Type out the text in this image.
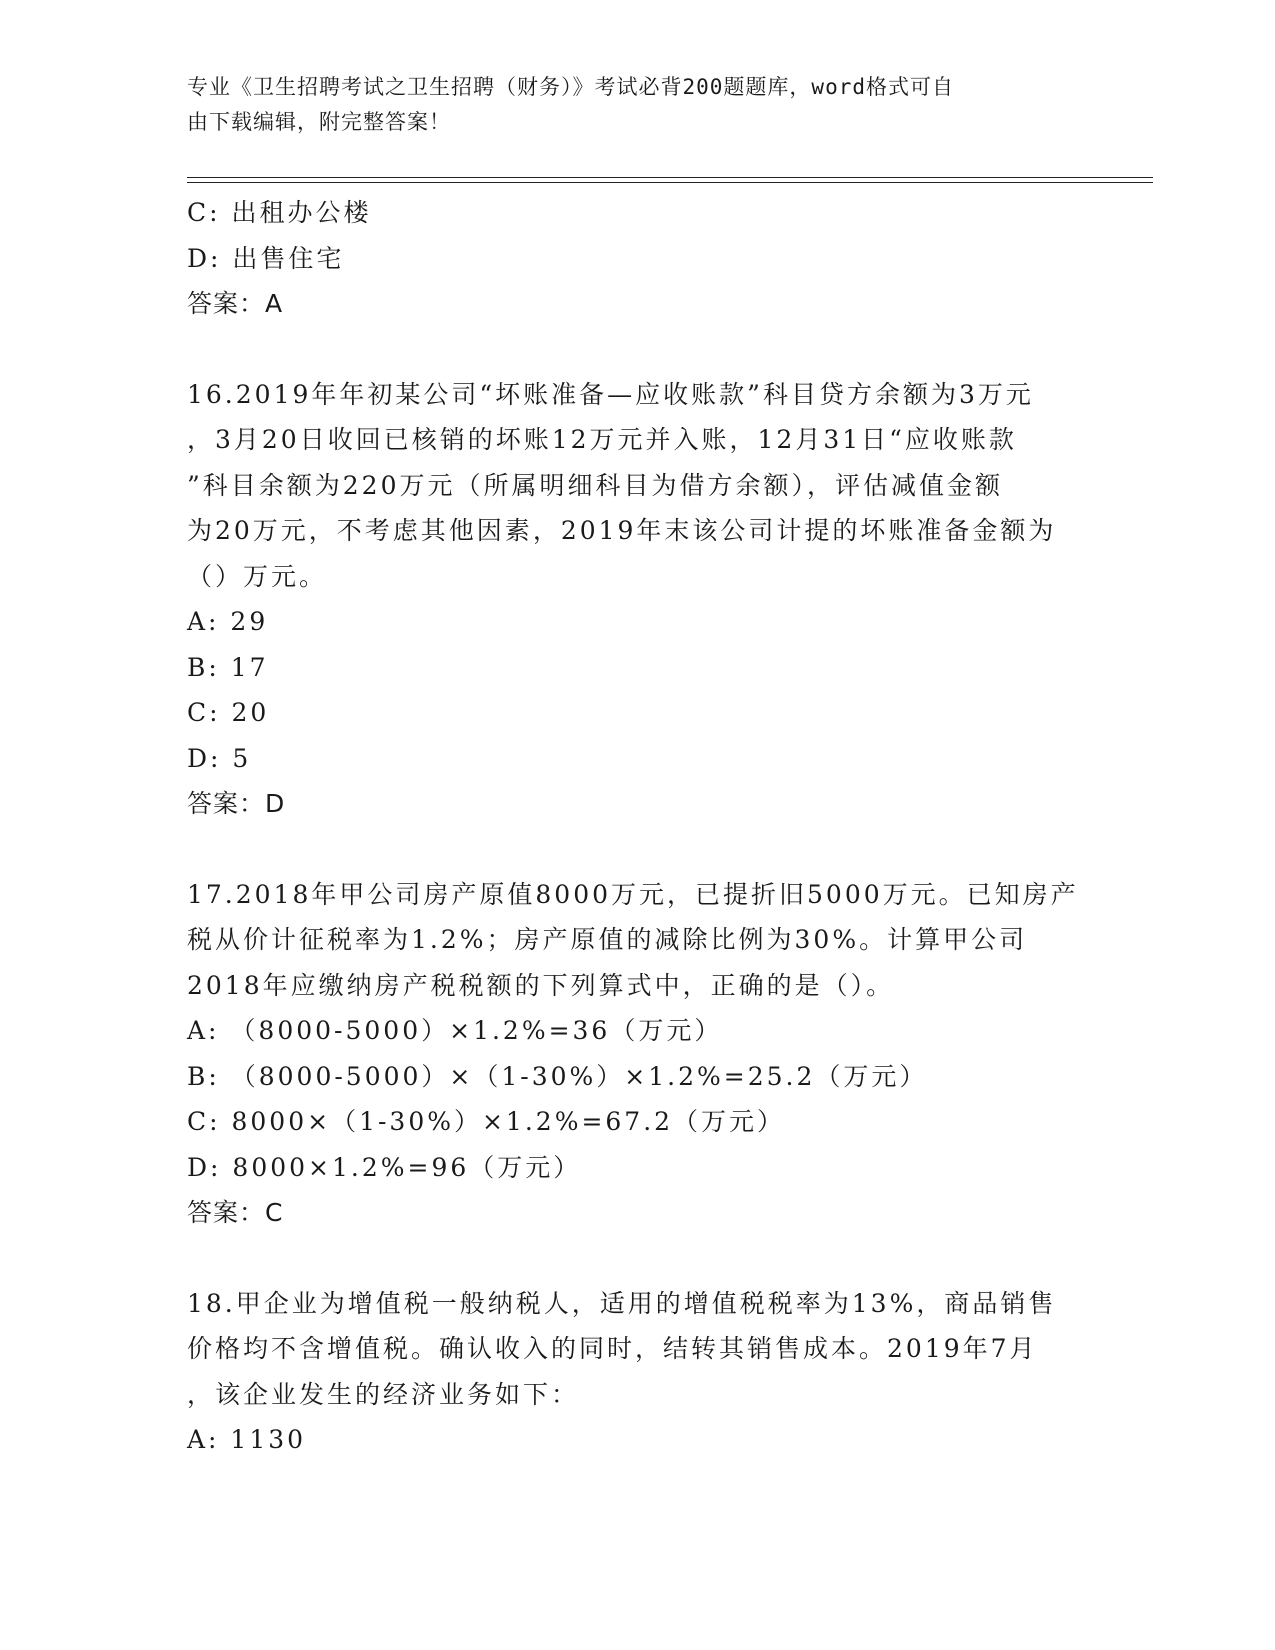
专业《卫生招聘考试之卫生招聘（财务）》考试必背200题题库，word格式可自
由下载编辑，附完整答案！
C: 出租办公楼
D: 出售住宅
答案：A
16.2019年年初某公司“坏账准备—应收账款”科目贷方余额为3万元
，3月20日收回已核销的坏账12万元并入账，12月31日“应收账款
”科目余额为220万元（所属明细科目为借方余额），评估减值金额
为20万元，不考虑其他因素，2019年末该公司计提的坏账准备金额为
（）万元。
A: 29
B: 17
C: 20
D: 5
答案：D
17.2018年甲公司房产原值8000万元，已提折旧5000万元。已知房产
税从价计征税率为1.2%；房产原值的减除比例为30%。计算甲公司
2018年应缴纳房产税税额的下列算式中，正确的是（）。
A: （8000-5000）×1.2%=36（万元）
B: （8000-5000）×（1-30%）×1.2%=25.2（万元）
C: 8000×（1-30%）×1.2%=67.2（万元）
D: 8000×1.2%=96（万元）
答案：C
18.甲企业为增值税一般纳税人，适用的增值税税率为13%，商品销售
价格均不含增值税。确认收入的同时，结转其销售成本。2019年7月
，该企业发生的经济业务如下：
A: 1130
